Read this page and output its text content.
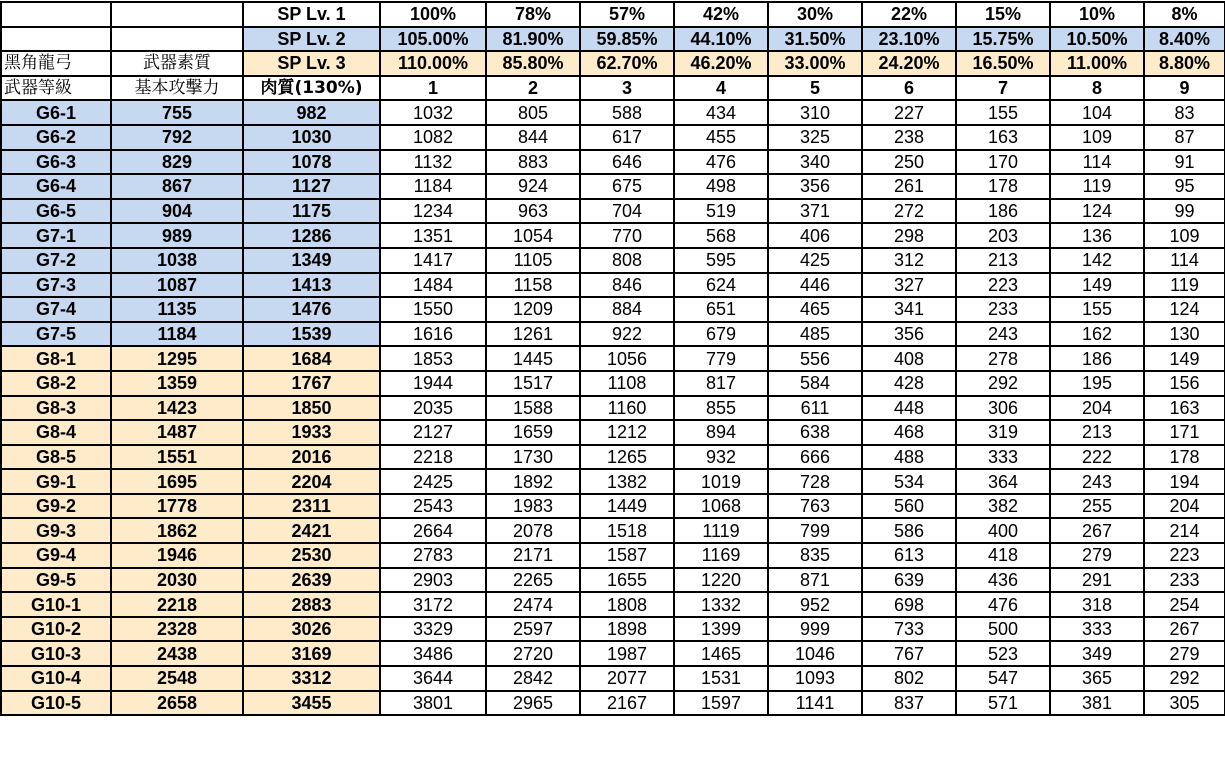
		SP Lv. 1	100%	78%	57%	42%	30%	22%	15%	10%	8%
		SP Lv. 2	105.00%	81.90%	59.85%	44.10%	31.50%	23.10%	15.75%	10.50%	8.40%
黑角龍弓	武器素質	SP Lv. 3	110.00%	85.80%	62.70%	46.20%	33.00%	24.20%	16.50%	11.00%	8.80%
武器等級	基本攻擊力	肉質(130%)	1	2	3	4	5	6	7	8	9
G6-1	755	982	1032	805	588	434	310	227	155	104	83
G6-2	792	1030	1082	844	617	455	325	238	163	109	87
G6-3	829	1078	1132	883	646	476	340	250	170	114	91
G6-4	867	1127	1184	924	675	498	356	261	178	119	95
G6-5	904	1175	1234	963	704	519	371	272	186	124	99
G7-1	989	1286	1351	1054	770	568	406	298	203	136	109
G7-2	1038	1349	1417	1105	808	595	425	312	213	142	114
G7-3	1087	1413	1484	1158	846	624	446	327	223	149	119
G7-4	1135	1476	1550	1209	884	651	465	341	233	155	124
G7-5	1184	1539	1616	1261	922	679	485	356	243	162	130
G8-1	1295	1684	1853	1445	1056	779	556	408	278	186	149
G8-2	1359	1767	1944	1517	1108	817	584	428	292	195	156
G8-3	1423	1850	2035	1588	1160	855	611	448	306	204	163
G8-4	1487	1933	2127	1659	1212	894	638	468	319	213	171
G8-5	1551	2016	2218	1730	1265	932	666	488	333	222	178
G9-1	1695	2204	2425	1892	1382	1019	728	534	364	243	194
G9-2	1778	2311	2543	1983	1449	1068	763	560	382	255	204
G9-3	1862	2421	2664	2078	1518	1119	799	586	400	267	214
G9-4	1946	2530	2783	2171	1587	1169	835	613	418	279	223
G9-5	2030	2639	2903	2265	1655	1220	871	639	436	291	233
G10-1	2218	2883	3172	2474	1808	1332	952	698	476	318	254
G10-2	2328	3026	3329	2597	1898	1399	999	733	500	333	267
G10-3	2438	3169	3486	2720	1987	1465	1046	767	523	349	279
G10-4	2548	3312	3644	2842	2077	1531	1093	802	547	365	292
G10-5	2658	3455	3801	2965	2167	1597	1141	837	571	381	305
